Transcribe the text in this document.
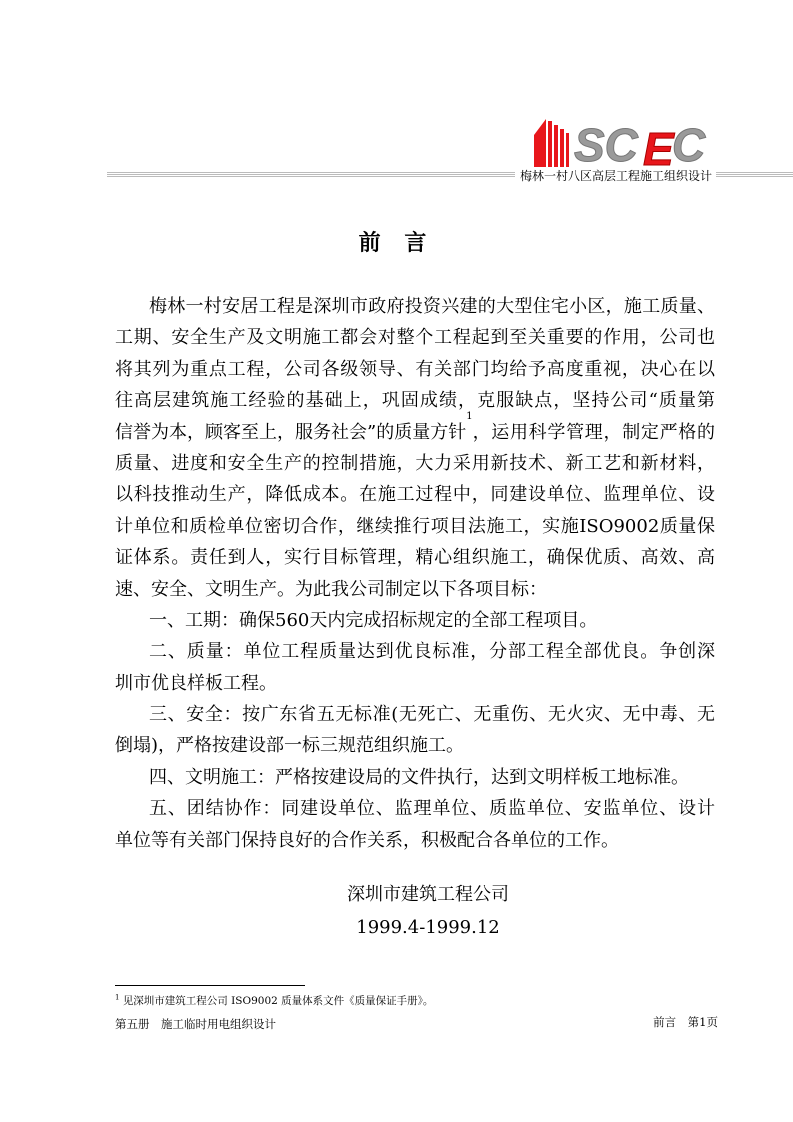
SC E
C
梅林一村八区高层工程施工组织设计
前 言
梅林一村安居工程是深圳市政府投资兴建的大型住宅小区，施工质量、
工期、安全生产及文明施工都会对整个工程起到至关重要的作用，公司也
将其列为重点工程，公司各级领导、有关部门均给予高度重视，决心在以
往高层建筑施工经验的基础上，巩固成绩，克服缺点，坚持公司“质量第
信誉为本，顾客至上，服务社会”的质量方针
1
，运用科学管理，制定严格的
质量、进度和安全生产的控制措施，大力采用新技术、新工艺和新材料，
以科技推动生产，降低成本。在施工过程中，同建设单位、监理单位、设
计单位和质检单位密切合作，继续推行项目法施工，实施ISO9002质量保
证体系。责任到人，实行目标管理，精心组织施工，确保优质、高效、高
速、安全、文明生产。为此我公司制定以下各项目标：
一、工期：确保560天内完成招标规定的全部工程项目。
二、质量：单位工程质量达到优良标准，分部工程全部优良。争创深
圳市优良样板工程。
三、安全：按广东省五无标准(无死亡、无重伤、无火灾、无中毒、无
倒塌)，严格按建设部一标三规范组织施工。
四、文明施工：严格按建设局的文件执行，达到文明样板工地标准。
五、团结协作：同建设单位、监理单位、质监单位、安监单位、设计
单位等有关部门保持良好的合作关系，积极配合各单位的工作。
深圳市建筑工程公司
1999.4-1999.12
$^1$ 见深圳市建筑工程公司 ISO9002 质量体系文件《质量保证手册》。
第五册　施工临时用电组织设计	前言　第1页
